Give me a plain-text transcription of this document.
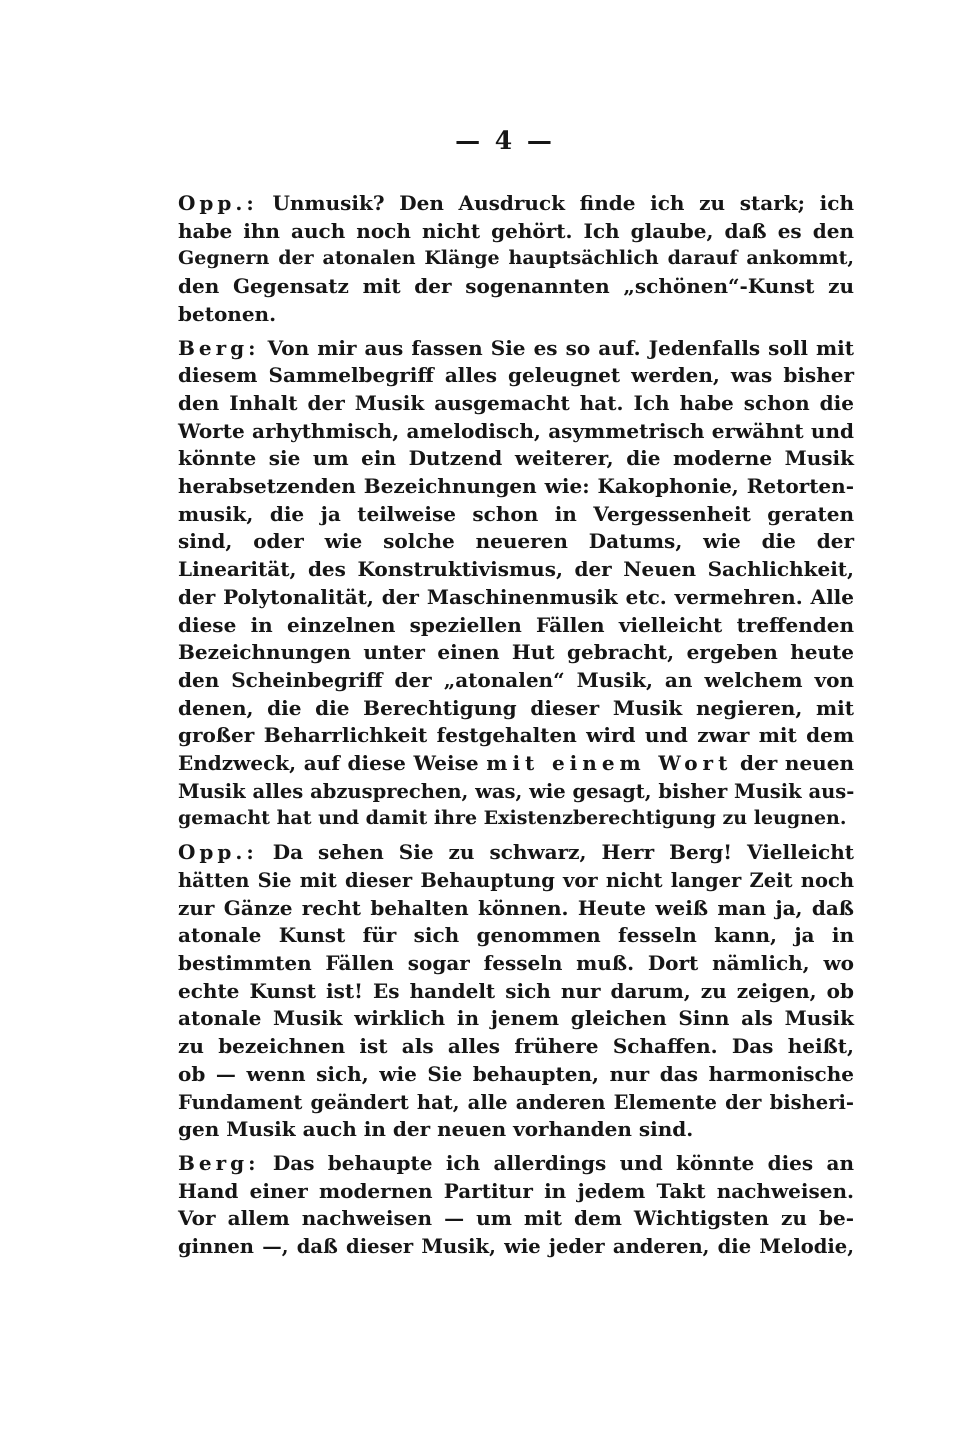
— 4 —
Opp.: Unmusik? Den Ausdruck finde ich zu stark; ich
habe ihn auch noch nicht gehört. Ich glaube, daß es den
Gegnern der atonalen Klänge hauptsächlich darauf ankommt,
den Gegensatz mit der sogenannten „schönen“-Kunst zu
betonen.
Berg: Von mir aus fassen Sie es so auf. Jedenfalls soll mit
diesem Sammelbegriff alles geleugnet werden, was bisher
den Inhalt der Musik ausgemacht hat. Ich habe schon die
Worte arhythmisch, amelodisch, asymmetrisch erwähnt und
könnte sie um ein Dutzend weiterer, die moderne Musik
herabsetzenden Bezeichnungen wie: Kakophonie, Retorten-
musik, die ja teilweise schon in Vergessenheit geraten
sind, oder wie solche neueren Datums, wie die der
Linearität, des Konstruktivismus, der Neuen Sachlichkeit,
der Polytonalität, der Maschinenmusik etc. vermehren. Alle
diese in einzelnen speziellen Fällen vielleicht treffenden
Bezeichnungen unter einen Hut gebracht, ergeben heute
den Scheinbegriff der „atonalen“ Musik, an welchem von
denen, die die Berechtigung dieser Musik negieren, mit
großer Beharrlichkeit festgehalten wird und zwar mit dem
Endzweck, auf diese Weise mit einem Wort der neuen
Musik alles abzusprechen, was, wie gesagt, bisher Musik aus-
gemacht hat und damit ihre Existenzberechtigung zu leugnen.
Opp.: Da sehen Sie zu schwarz, Herr Berg! Vielleicht
hätten Sie mit dieser Behauptung vor nicht langer Zeit noch
zur Gänze recht behalten können. Heute weiß man ja, daß
atonale Kunst für sich genommen fesseln kann, ja in
bestimmten Fällen sogar fesseln muß. Dort nämlich, wo
echte Kunst ist! Es handelt sich nur darum, zu zeigen, ob
atonale Musik wirklich in jenem gleichen Sinn als Musik
zu bezeichnen ist als alles frühere Schaffen. Das heißt,
ob — wenn sich, wie Sie behaupten, nur das harmonische
Fundament geändert hat, alle anderen Elemente der bisheri-
gen Musik auch in der neuen vorhanden sind.
Berg: Das behaupte ich allerdings und könnte dies an
Hand einer modernen Partitur in jedem Takt nachweisen.
Vor allem nachweisen — um mit dem Wichtigsten zu be-
ginnen —, daß dieser Musik, wie jeder anderen, die Melodie,
